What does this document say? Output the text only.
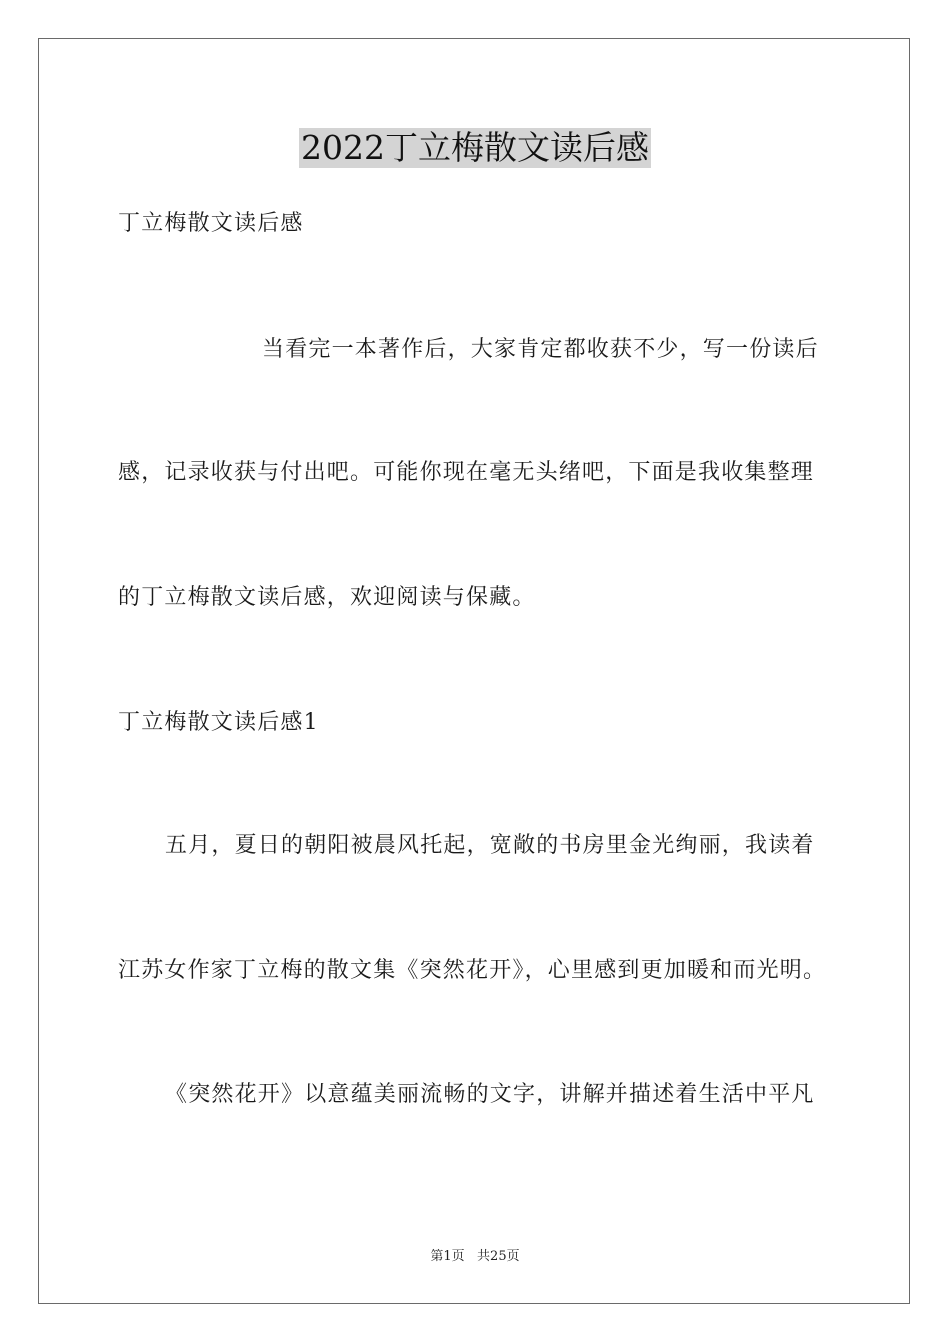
2022丁立梅散文读后感
丁立梅散文读后感
当看完一本著作后，大家肯定都收获不少，写一份读后
感，记录收获与付出吧。可能你现在毫无头绪吧，下面是我收集整理
的丁立梅散文读后感，欢迎阅读与保藏。
丁立梅散文读后感1
五月，夏日的朝阳被晨风托起，宽敞的书房里金光绚丽，我读着
江苏女作家丁立梅的散文集《突然花开》，心里感到更加暖和而光明。
《突然花开》以意蕴美丽流畅的文字，讲解并描述着生活中平凡
第1页   共25页
